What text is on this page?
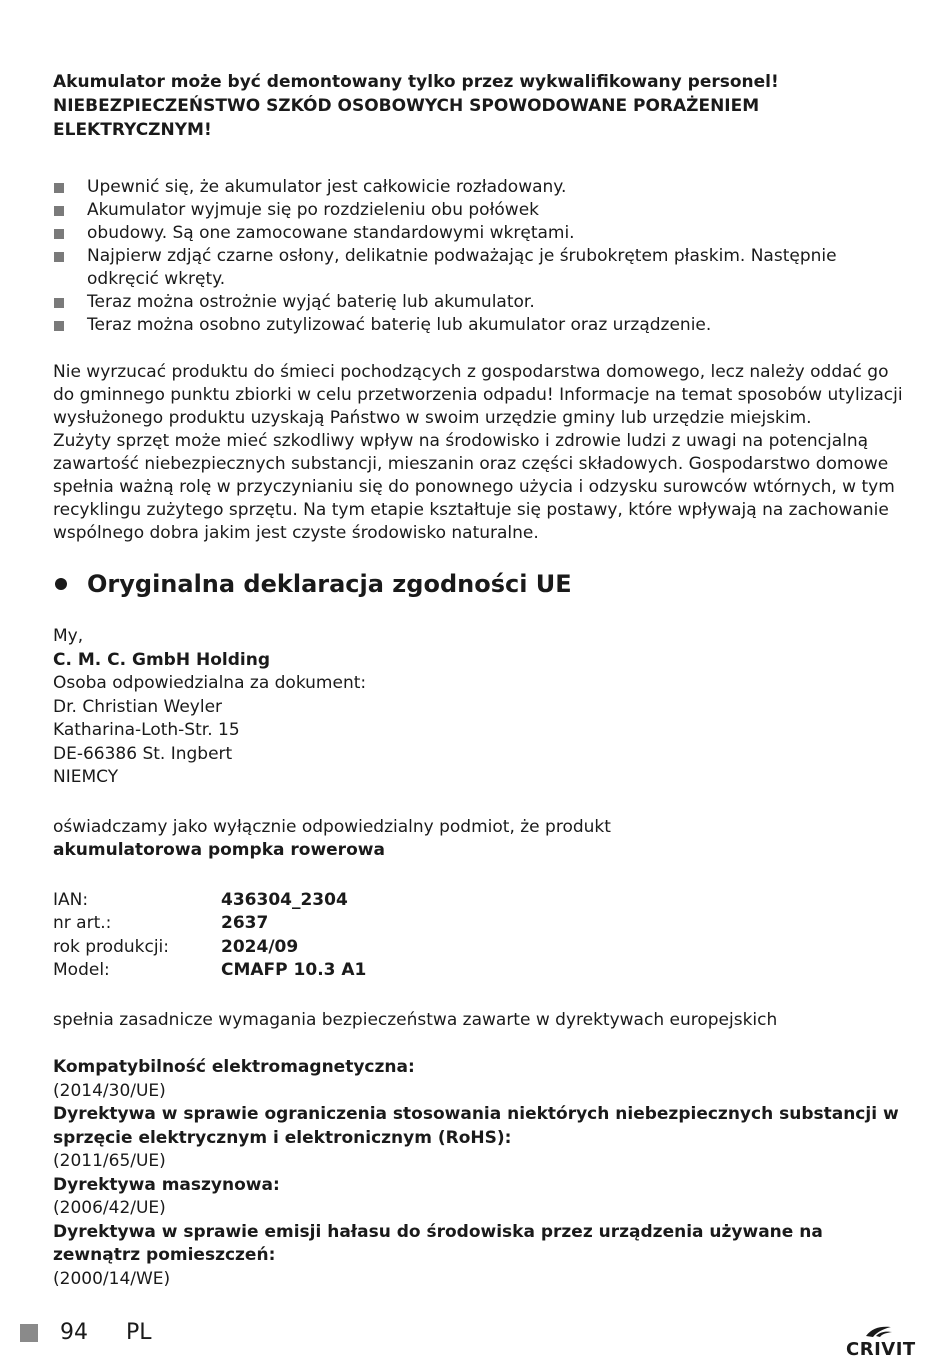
Akumulator może być demontowany tylko przez wykwalifikowany personel!
NIEBEZPIECZEŃSTWO SZKÓD OSOBOWYCH SPOWODOWANE PORAŻENIEM ELEKTRYCZNYM!

Upewnić się, że akumulator jest całkowicie rozładowany.
Akumulator wyjmuje się po rozdzieleniu obu połówek
obudowy. Są one zamocowane standardowymi wkrętami.
Najpierw zdjąć czarne osłony, delikatnie podważając je śrubokrętem płaskim. Następnie odkręcić wkręty.
Teraz można ostrożnie wyjąć baterię lub akumulator.
Teraz można osobno zutylizować baterię lub akumulator oraz urządzenie.

Nie wyrzucać produktu do śmieci pochodzących z gospodarstwa domowego, lecz należy oddać go do gminnego punktu zbiorki w celu przetworzenia odpadu! Informacje na temat sposobów utylizacji wysłużonego produktu uzyskają Państwo w swoim urzędzie gminy lub urzędzie miejskim.
Zużyty sprzęt może mieć szkodliwy wpływ na środowisko i zdrowie ludzi z uwagi na potencjalną zawartość niebezpiecznych substancji, mieszanin oraz części składowych. Gospodarstwo domowe spełnia ważną rolę w przyczynianiu się do ponownego użycia i odzysku surowców wtórnych, w tym recyklingu zużytego sprzętu. Na tym etapie kształtuje się postawy, które wpływają na zachowanie wspólnego dobra jakim jest czyste środowisko naturalne.

Oryginalna deklaracja zgodności UE
My,
C. M. C. GmbH Holding
Osoba odpowiedzialna za dokument:
Dr. Christian Weyler
Katharina-Loth-Str. 15
DE-66386 St. Ingbert
NIEMCY
oświadczamy jako wyłącznie odpowiedzialny podmiot, że produkt
akumulatorowa pompka rowerowa
IAN:	436304_2304
nr art.:	2637
rok produkcji:	2024/09
Model:	CMAFP 10.3 A1
spełnia zasadnicze wymagania bezpieczeństwa zawarte w dyrektywach europejskich
Kompatybilność elektromagnetyczna:
(2014/30/UE)
Dyrektywa w sprawie ograniczenia stosowania niektórych niebezpiecznych substancji w sprzęcie elektrycznym i elektronicznym (RoHS):
(2011/65/UE)
Dyrektywa maszynowa:
(2006/42/UE)
Dyrektywa w sprawie emisji hałasu do środowiska przez urządzenia używane na zewnątrz pomieszczeń:
(2000/14/WE)
94 PL
CRIVIT
